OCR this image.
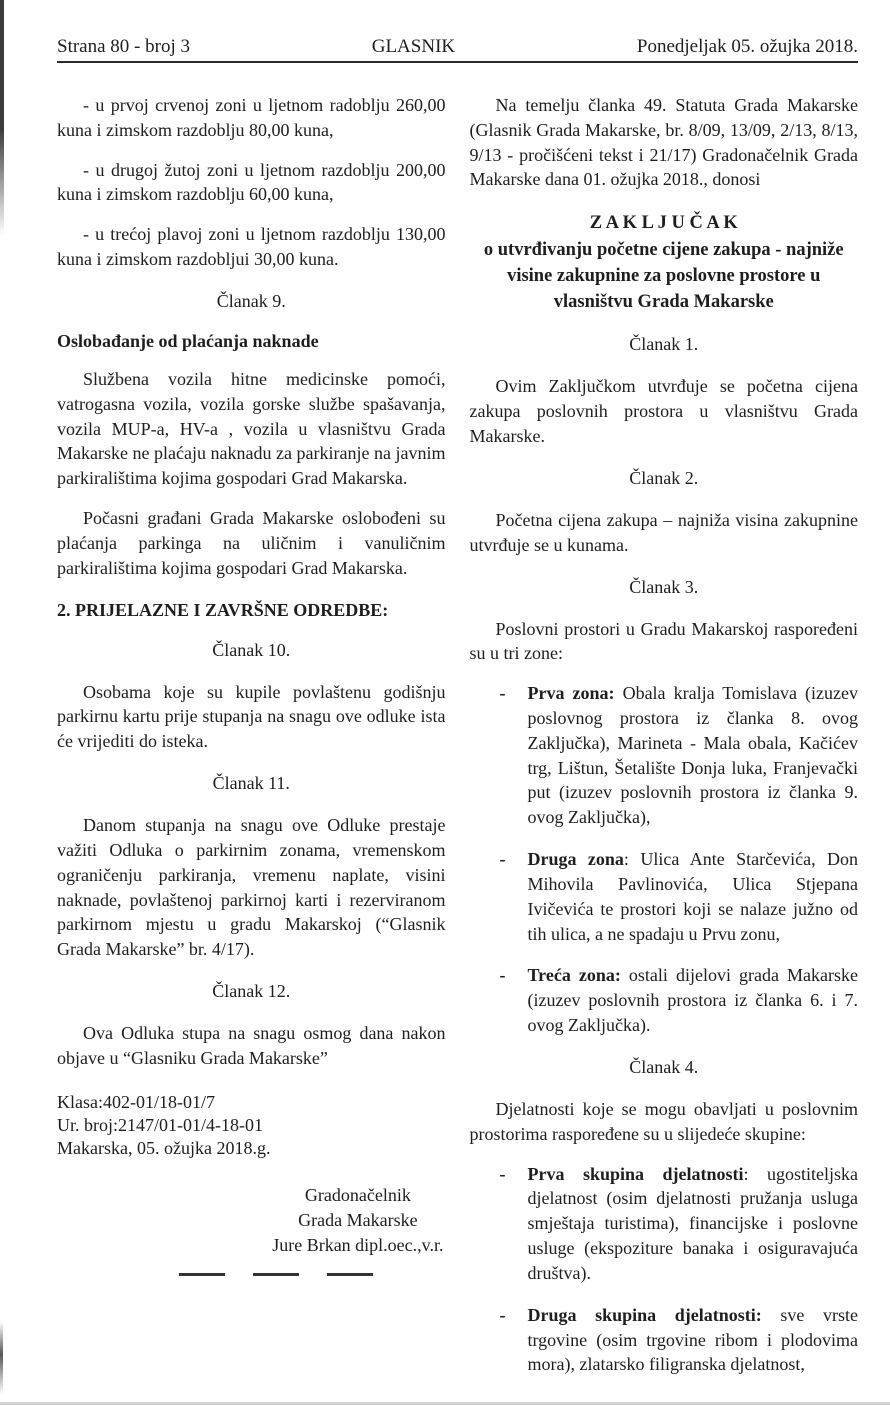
Strana 80 - broj 3	GLASNIK	Ponedjeljak 05. ožujka 2018.

- u prvoj crvenoj zoni u ljetnom radoblju 260,00 kuna i zimskom razdoblju 80,00 kuna,

- u drugoj žutoj zoni u ljetnom razdoblju 200,00 kuna i zimskom razdoblju 60,00 kuna,

- u trećoj plavoj zoni u ljetnom razdoblju 130,00 kuna i zimskom razdobljui 30,00 kuna.

Članak 9.
Oslobađanje od plaćanja naknade

Službena vozila hitne medicinske pomoći, vatrogasna vozila, vozila gorske službe spašavanja, vozila MUP-a, HV-a , vozila u vlasništvu Grada Makarske ne plaćaju naknadu za parkiranje na javnim parkiralištima kojima gospodari Grad Makarska.

Počasni građani Grada Makarske oslobođeni su plaćanja parkinga na uličnim i vanuličnim parkiralištima kojima gospodari Grad Makarska.

2. PRIJELAZNE I ZAVRŠNE ODREDBE:
Članak 10.

Osobama koje su kupile povlaštenu godišnju parkirnu kartu prije stupanja na snagu ove odluke ista će vrijediti do isteka.

Članak 11.

Danom stupanja na snagu ove Odluke prestaje važiti Odluka o parkirnim zonama, vremenskom ograničenju parkiranja, vremenu naplate, visini naknade, povlaštenoj parkirnoj karti i rezerviranom parkirnom mjestu u gradu Makarskoj (“Glasnik Grada Makarske” br. 4/17).

Članak 12.

Ova Odluka stupa na snagu osmog dana nakon objave u “Glasniku Grada Makarske”

Klasa:402-01/18-01/7
Ur. broj:2147/01-01/4-18-01
Makarska, 05. ožujka 2018.g.
Gradonačelnik
Grada Makarske
Jure Brkan dipl.oec.,v.r.

Na temelju članka 49. Statuta Grada Makarske (Glasnik Grada Makarske, br. 8/09, 13/09, 2/13, 8/13, 9/13 - pročišćeni tekst i 21/17) Gradonačelnik Grada Makarske dana 01. ožujka 2018., donosi

Z A K L J U Č A K
o utvrđivanju početne cijene zakupa - najniže
visine zakupnine za poslovne prostore u vlasništvu Grada Makarske
Članak 1.

Ovim Zaključkom utvrđuje se početna cijena zakupa poslovnih prostora u vlasništvu Grada Makarske.

Članak 2.

Početna cijena zakupa – najniža visina zakupnine utvrđuje se u kunama.

Članak 3.

Poslovni prostori u Gradu Makarskoj raspoređeni su u tri zone:

-	Prva zona: Obala kralja Tomislava (izuzev poslovnog prostora iz članka 8. ovog Zaključka), Marineta - Mala obala, Kačićev trg, Lištun, Šetalište Donja luka, Franjevački put (izuzev poslovnih prostora iz članka 9. ovog Zaključka),
-	Druga zona: Ulica Ante Starčevića, Don Mihovila Pavlinovića, Ulica Stjepana Ivičevića te prostori koji se nalaze južno od tih ulica, a ne spadaju u Prvu zonu,
-	Treća zona: ostali dijelovi grada Makarske (izuzev poslovnih prostora iz članka 6. i 7. ovog Zaključka).
Članak 4.

Djelatnosti koje se mogu obavljati u poslovnim prostorima raspoređene su u slijedeće skupine:

-	Prva skupina djelatnosti: ugostiteljska djelatnost (osim djelatnosti pružanja usluga smještaja turistima), financijske i poslovne usluge (ekspoziture banaka i osiguravajuća društva).
-	Druga skupina djelatnosti: sve vrste trgovine (osim trgovine ribom i plodovima mora), zlatarsko filigranska djelatnost,
